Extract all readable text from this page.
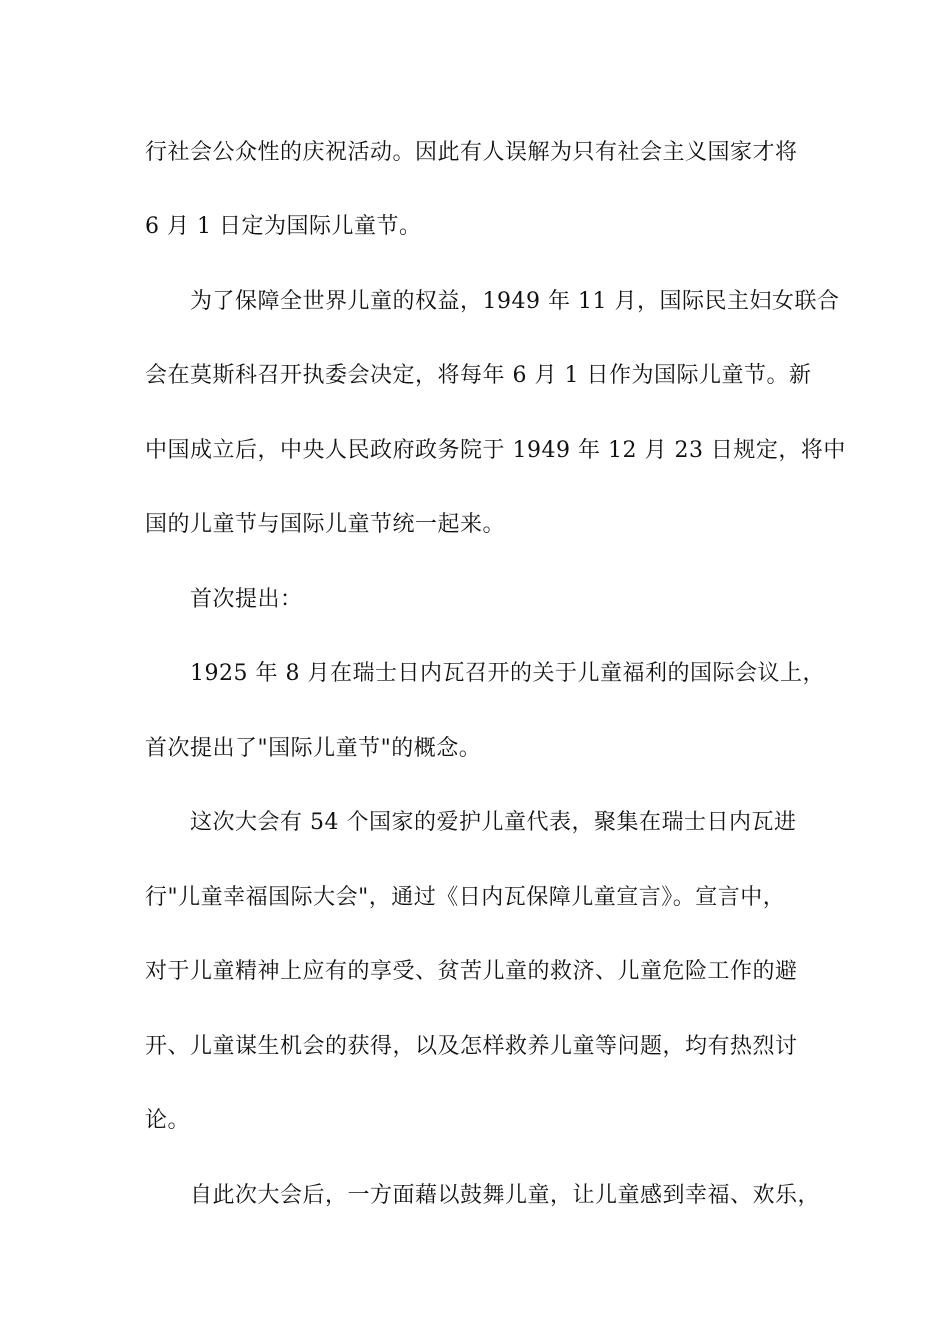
行社会公众性的庆祝活动。因此有人误解为只有社会主义国家才将
6 月 1 日定为国际儿童节。
为了保障全世界儿童的权益，1949 年 11 月，国际民主妇女联合
会在莫斯科召开执委会决定，将每年 6 月 1 日作为国际儿童节。新
中国成立后，中央人民政府政务院于 1949 年 12 月 23 日规定，将中
国的儿童节与国际儿童节统一起来。
首次提出：
1925 年 8 月在瑞士日内瓦召开的关于儿童福利的国际会议上，
首次提出了"国际儿童节"的概念。
这次大会有 54 个国家的爱护儿童代表，聚集在瑞士日内瓦进
行"儿童幸福国际大会"，通过《日内瓦保障儿童宣言》。宣言中，
对于儿童精神上应有的享受、贫苦儿童的救济、儿童危险工作的避
开、儿童谋生机会的获得，以及怎样救养儿童等问题，均有热烈讨
论。
自此次大会后，一方面藉以鼓舞儿童，让儿童感到幸福、欢乐，
